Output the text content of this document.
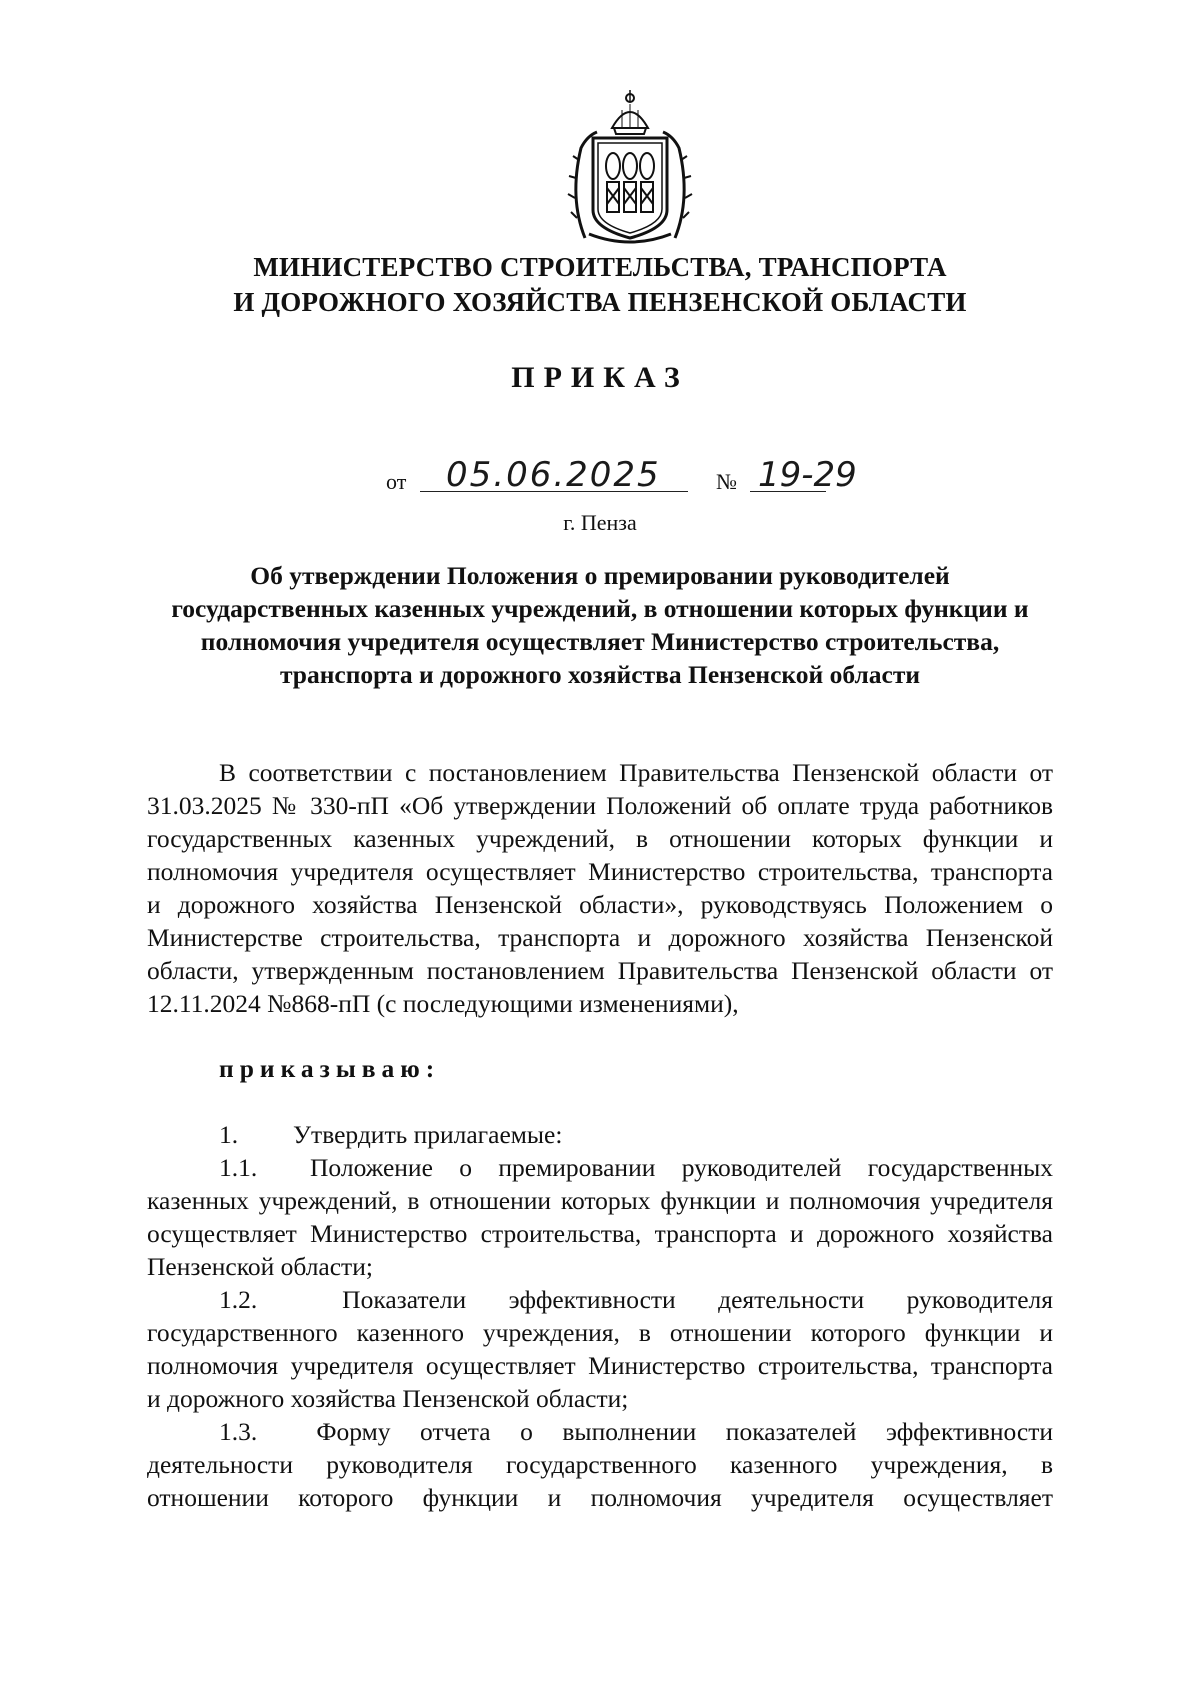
МИНИСТЕРСТВО СТРОИТЕЛЬСТВА, ТРАНСПОРТА
И ДОРОЖНОГО ХОЗЯЙСТВА ПЕНЗЕНСКОЙ ОБЛАСТИ
ПРИКАЗ
от 05.06.2025	№ 19-29
г. Пенза
Об утверждении Положения о премировании руководителей
государственных казенных учреждений, в отношении которых функции и
полномочия учредителя осуществляет Министерство строительства,
транспорта и дорожного хозяйства Пензенской области
В соответствии с постановлением Правительства Пензенской области от
31.03.2025 № 330-пП «Об утверждении Положений об оплате труда работников
государственных казенных учреждений, в отношении которых функции и
полномочия учредителя осуществляет Министерство строительства, транспорта
и дорожного хозяйства Пензенской области», руководствуясь Положением о
Министерстве строительства, транспорта и дорожного хозяйства Пензенской
области, утвержденным постановлением Правительства Пензенской области от
12.11.2024 №868-пП (с последующими изменениями),
приказываю:
1. Утвердить прилагаемые:
1.1. Положение о премировании руководителей государственных
казенных учреждений, в отношении которых функции и полномочия учредителя
осуществляет Министерство строительства, транспорта и дорожного хозяйства
Пензенской области;
1.2.	Показатели эффективности деятельности руководителя
государственного казенного учреждения, в отношении которого функции и
полномочия учредителя осуществляет Министерство строительства, транспорта
и дорожного хозяйства Пензенской области;
1.3. Форму отчета о выполнении показателей эффективности
деятельности руководителя государственного казенного учреждения, в
отношении которого функции и полномочия учредителя осуществляет
